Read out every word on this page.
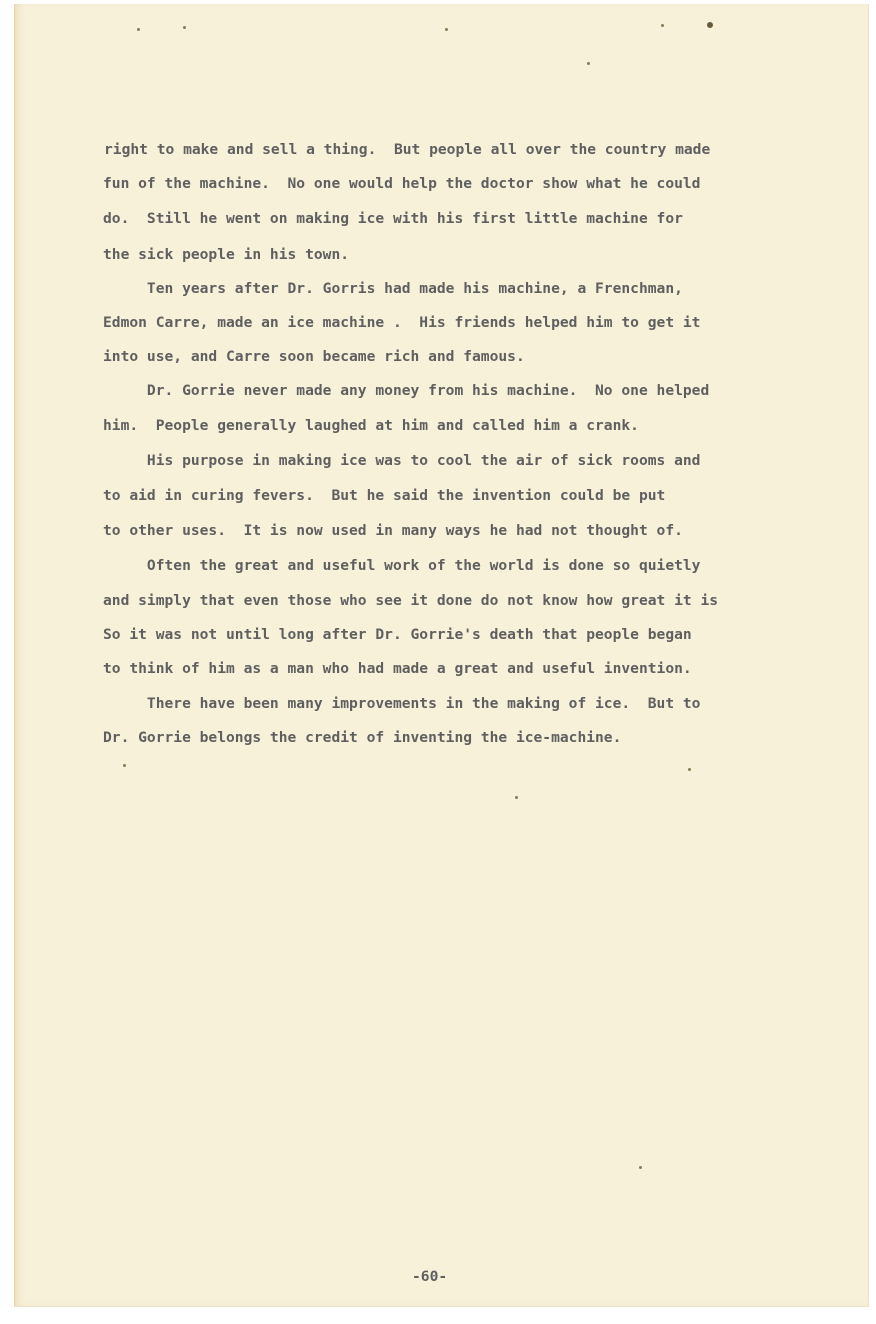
right to make and sell a thing.  But people all over the country made
fun of the machine.  No one would help the doctor show what he could
do.  Still he went on making ice with his first little machine for
the sick people in his town.
Ten years after Dr. Gorris had made his machine, a Frenchman,
Edmon Carre, made an ice machine .  His friends helped him to get it
into use, and Carre soon became rich and famous.
Dr. Gorrie never made any money from his machine.  No one helped
him.  People generally laughed at him and called him a crank.
His purpose in making ice was to cool the air of sick rooms and
to aid in curing fevers.  But he said the invention could be put
to other uses.  It is now used in many ways he had not thought of.
Often the great and useful work of the world is done so quietly
and simply that even those who see it done do not know how great it is
So it was not until long after Dr. Gorrie's death that people began
to think of him as a man who had made a great and useful invention.
There have been many improvements in the making of ice.  But to
Dr. Gorrie belongs the credit of inventing the ice-machine.
-60-
